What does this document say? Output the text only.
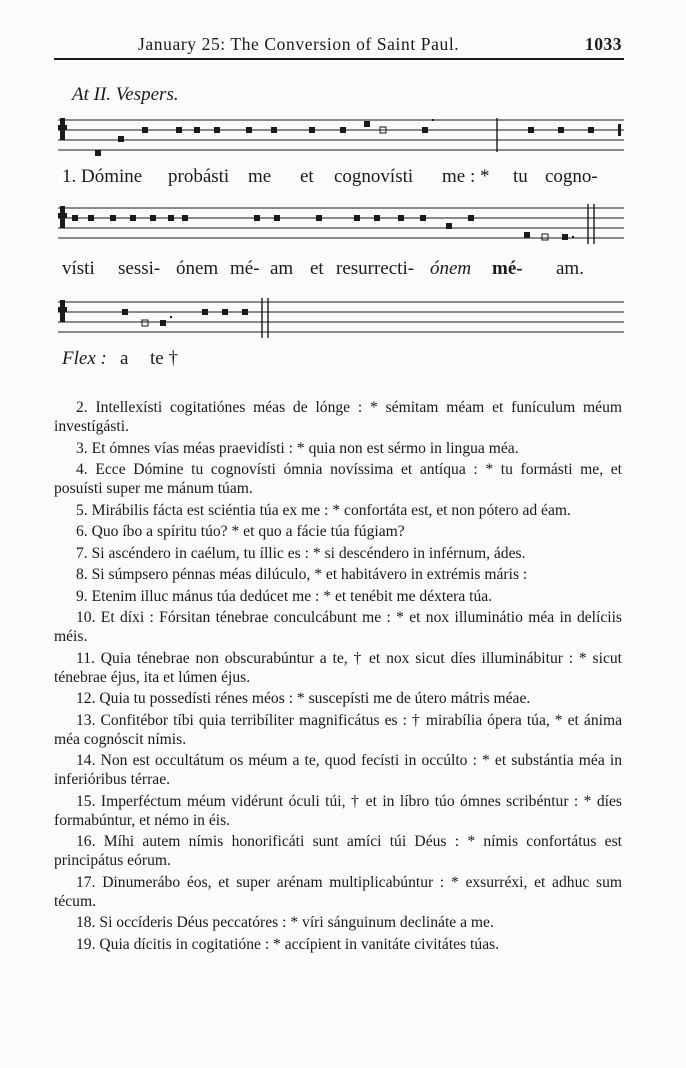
January 25: The Conversion of Saint Paul.	1033
At II. Vespers.
1. Dómine probásti me et cognovísti me : * tu cogno-
vísti sessi- ónem mé- am et resurrecti- ónem mé- am.
Flex : a te †

2. Intellexísti cogitatiónes méas de lónge : * sémitam méam et funículum méum investígásti.

3. Et ómnes vías méas praevidísti : * quia non est sérmo in lingua méa.

4. Ecce Dómine tu cognovísti ómnia novíssima et antíqua : * tu formásti me, et posuísti super me mánum túam.

5. Mirábilis fácta est sciéntia túa ex me : * confortáta est, et non pótero ad éam.

6. Quo íbo a spíritu túo? * et quo a fácie túa fúgiam?

7. Si ascéndero in caélum, tu íllic es : * si descéndero in inférnum, ádes.

8. Si súmpsero pénnas méas dilúculo, * et habitávero in extrémis máris :

9. Etenim illuc mánus túa dedúcet me : * et tenébit me déxtera túa.

10. Et díxi : Fórsitan ténebrae conculcábunt me : * et nox illuminátio méa in delíciis méis.

11. Quia ténebrae non obscurabúntur a te, † et nox sicut díes illuminábitur : * sicut ténebrae éjus, ita et lúmen éjus.

12. Quia tu possedísti rénes méos : * suscepísti me de útero mátris méae.

13. Confitébor tíbi quia terribíliter magnificátus es : † mirabília ópera túa, * et ánima méa cognóscit nímis.

14. Non est occultátum os méum a te, quod fecísti in occúlto : * et substántia méa in inferióribus térrae.

15. Imperféctum méum vidérunt óculi túi, † et in líbro túo ómnes scribéntur : * díes formabúntur, et némo in éis.

16. Míhi autem nímis honorificáti sunt amíci túi Déus : * nímis confortátus est principátus eórum.

17. Dinumerábo éos, et super arénam multiplicabúntur : * exsurréxi, et adhuc sum técum.

18. Si occíderis Déus peccatóres : * víri sánguinum declináte a me.

19. Quia dícitis in cogitatióne : * accípient in vanitáte civitátes túas.
